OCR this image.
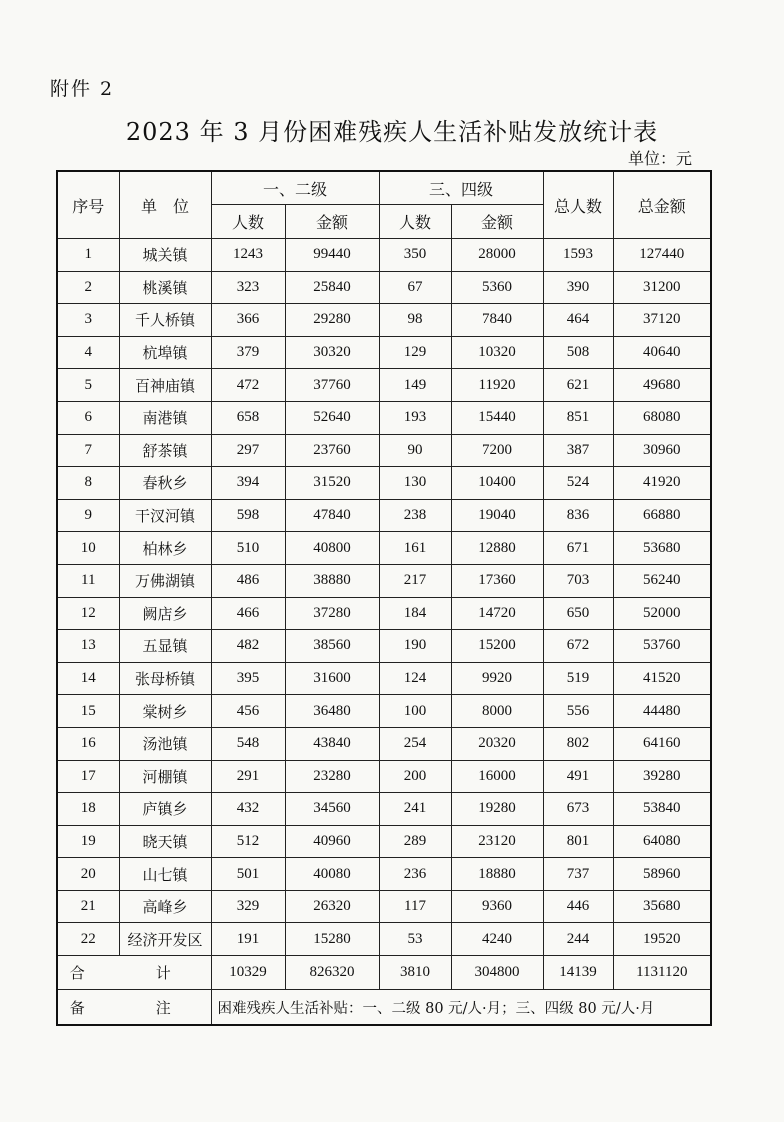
附件 2
2023 年 3 月份困难残疾人生活补贴发放统计表
单位：元
序号	单　位	一、二级		三、四级		总人数	总金额
		人数	金额	人数	金额		
1	城关镇	1243	99440	350	28000	1593	127440
2	桃溪镇	323	25840	67	5360	390	31200
3	千人桥镇	366	29280	98	7840	464	37120
4	杭埠镇	379	30320	129	10320	508	40640
5	百神庙镇	472	37760	149	11920	621	49680
6	南港镇	658	52640	193	15440	851	68080
7	舒茶镇	297	23760	90	7200	387	30960
8	春秋乡	394	31520	130	10400	524	41920
9	干汊河镇	598	47840	238	19040	836	66880
10	柏林乡	510	40800	161	12880	671	53680
11	万佛湖镇	486	38880	217	17360	703	56240
12	阙店乡	466	37280	184	14720	650	52000
13	五显镇	482	38560	190	15200	672	53760
14	张母桥镇	395	31600	124	9920	519	41520
15	棠树乡	456	36480	100	8000	556	44480
16	汤池镇	548	43840	254	20320	802	64160
17	河棚镇	291	23280	200	16000	491	39280
18	庐镇乡	432	34560	241	19280	673	53840
19	晓天镇	512	40960	289	23120	801	64080
20	山七镇	501	40080	236	18880	737	58960
21	高峰乡	329	26320	117	9360	446	35680
22	经济开发区	191	15280	53	4240	244	19520
合　计		10329	826320	3810	304800	14139	1131120
备　注		困难残疾人生活补贴：一、二级 80 元/人·月；三、四级 80 元/人·月					
